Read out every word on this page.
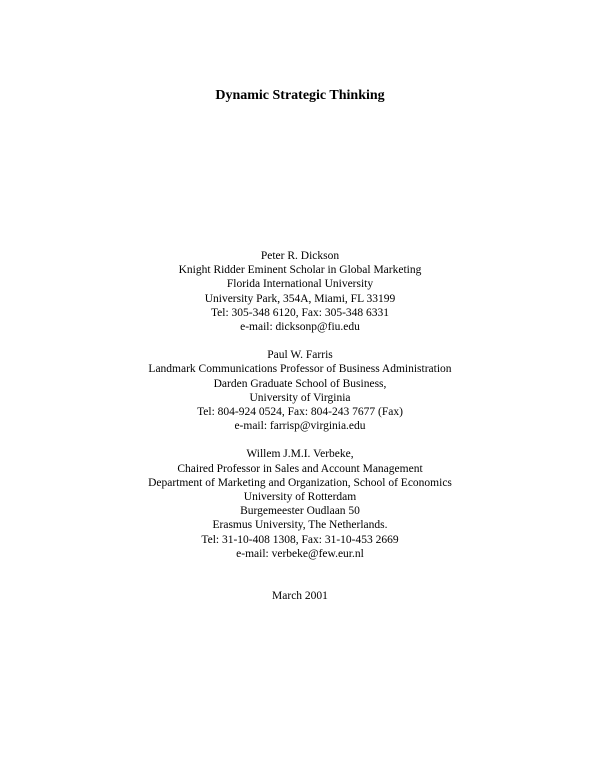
Dynamic Strategic Thinking
Peter R. Dickson
Knight Ridder Eminent Scholar in Global Marketing
Florida International University
University Park, 354A, Miami, FL 33199
Tel: 305-348 6120, Fax: 305-348 6331
e-mail: dicksonp@fiu.edu
Paul W. Farris
Landmark Communications Professor of Business Administration
Darden Graduate School of Business,
University of Virginia
Tel: 804-924 0524, Fax: 804-243 7677 (Fax)
e-mail: farrisp@virginia.edu
Willem J.M.I. Verbeke,
Chaired Professor in Sales and Account Management
Department of Marketing and Organization, School of Economics
University of Rotterdam
Burgemeester Oudlaan 50
Erasmus University, The Netherlands.
Tel: 31-10-408 1308, Fax: 31-10-453 2669
e-mail: verbeke@few.eur.nl
March 2001
